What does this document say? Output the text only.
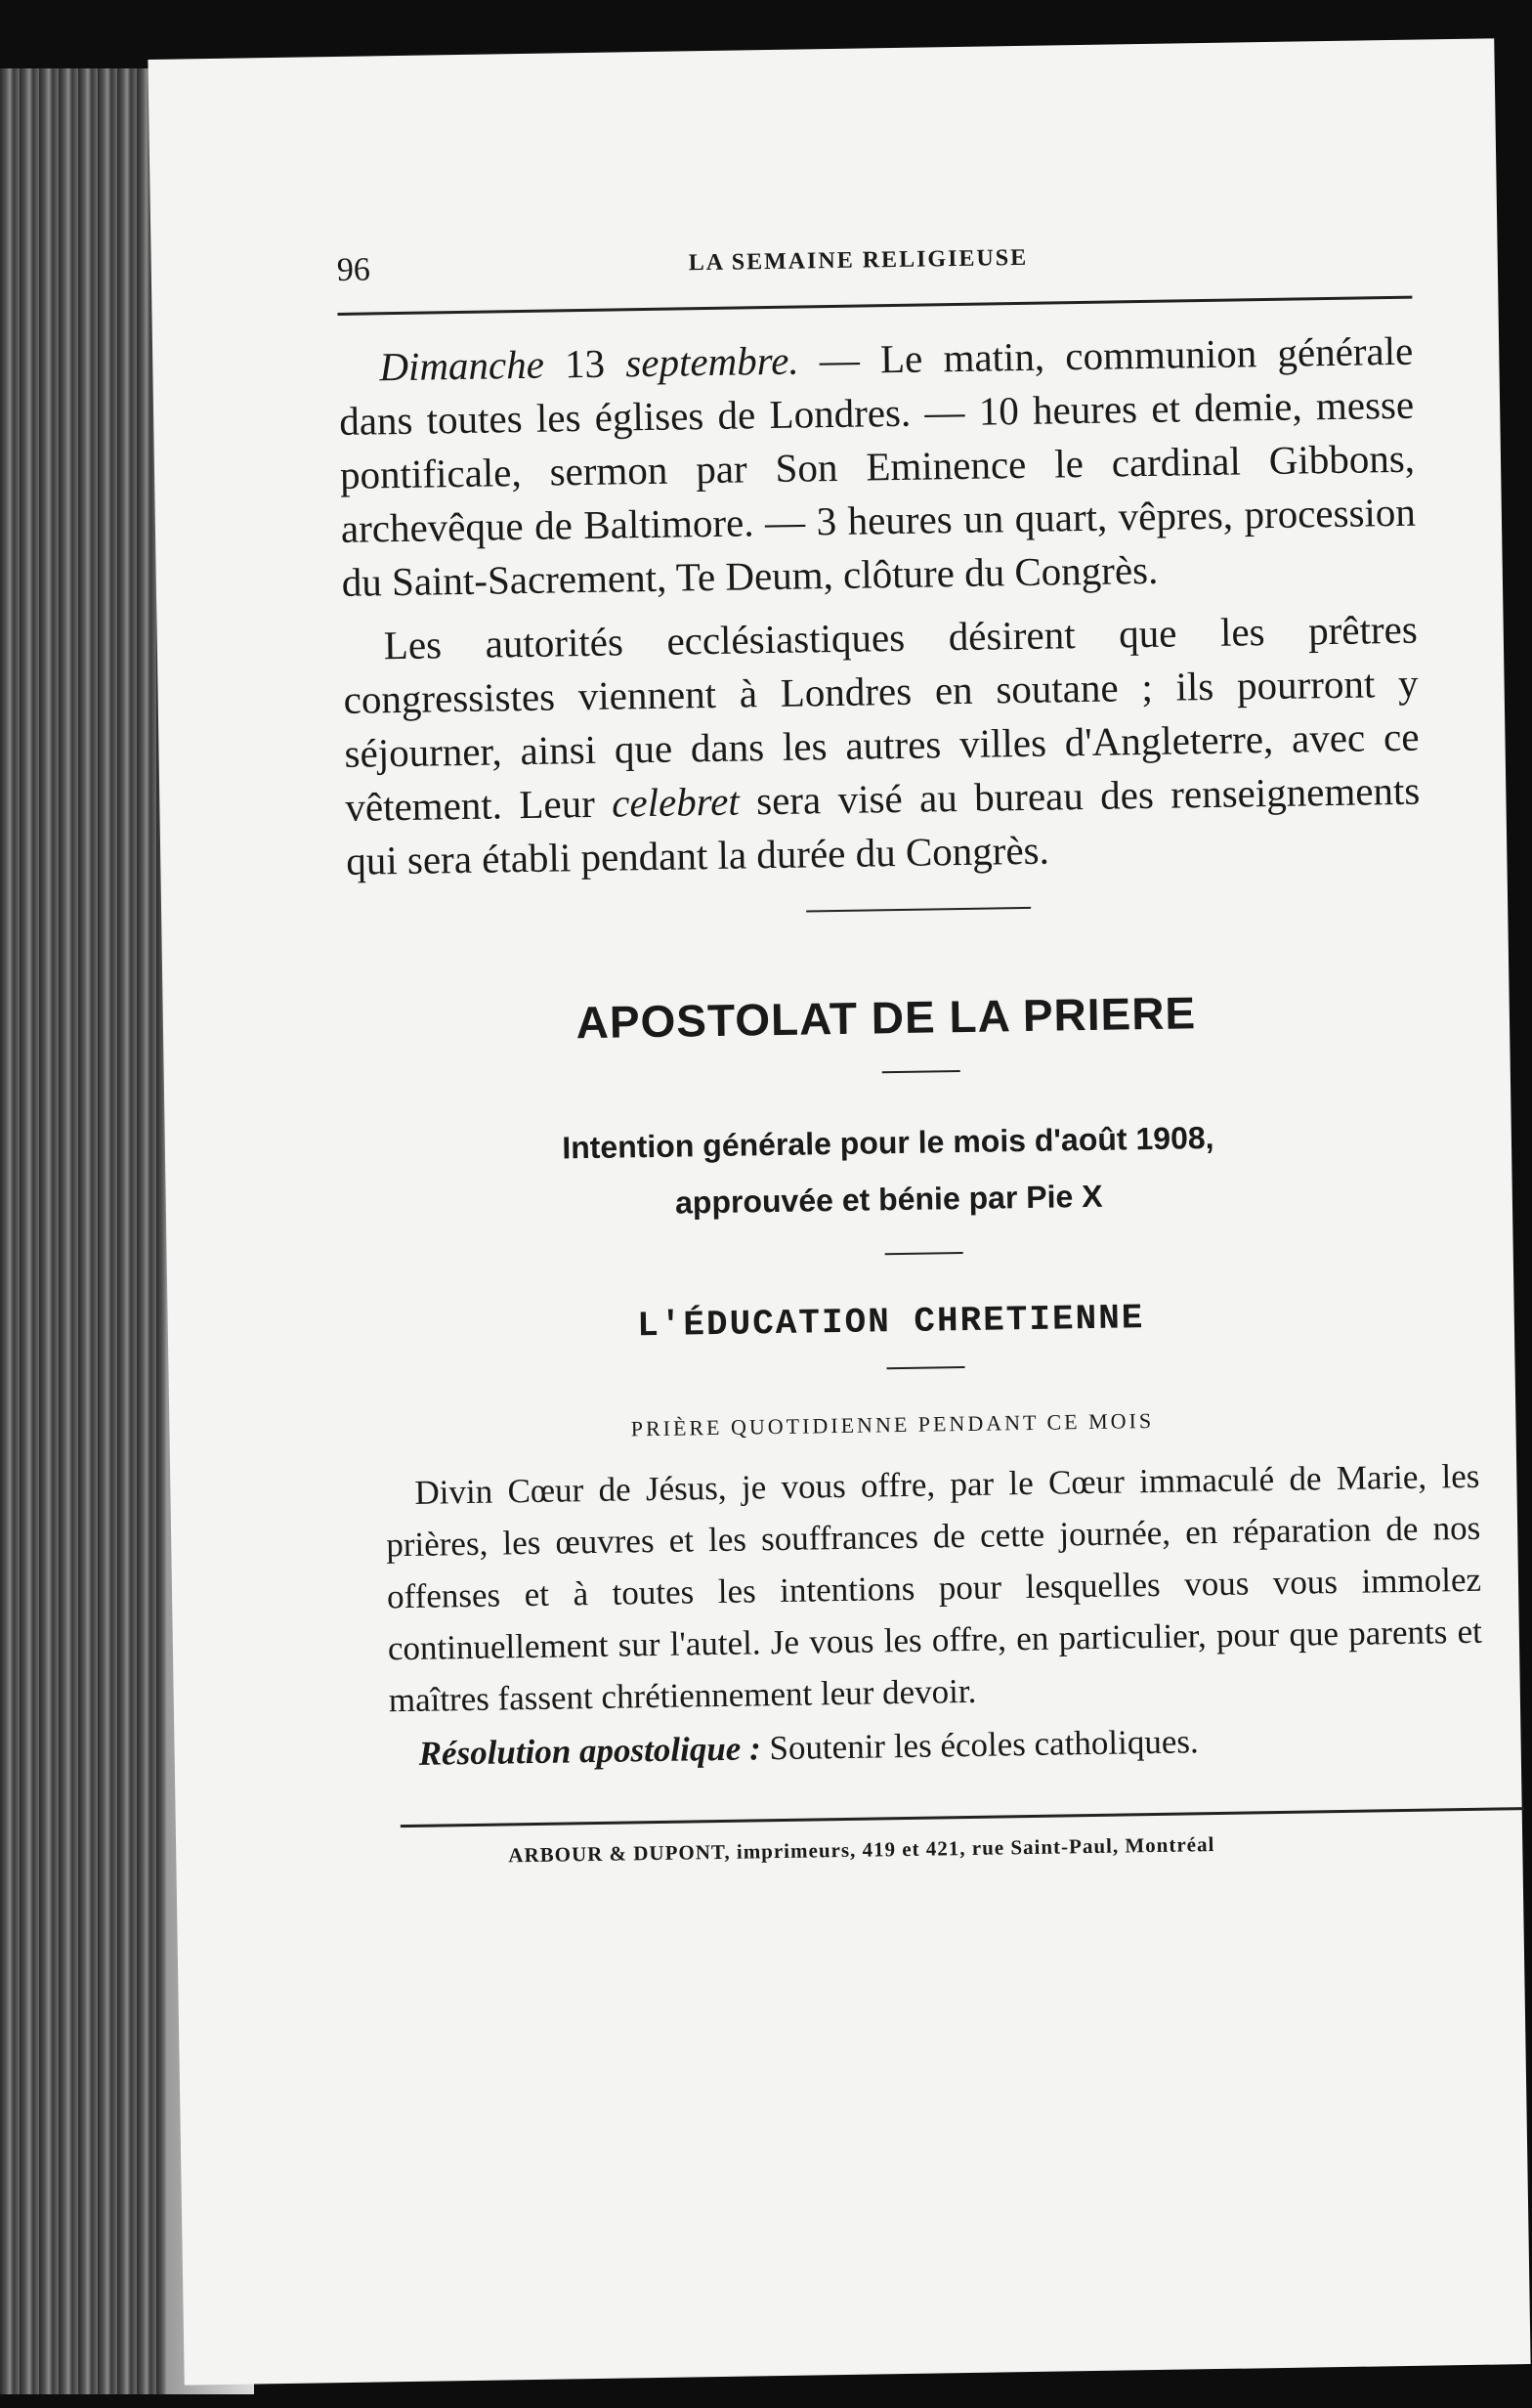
96	LA SEMAINE RELIGIEUSE

Dimanche 13 septembre. — Le matin, communion générale dans toutes les églises de Londres. — 10 heures et demie, messe pontificale, sermon par Son Eminence le cardinal Gibbons, archevêque de Baltimore. — 3 heures un quart, vêpres, procession du Saint-Sacrement, Te Deum, clôture du Congrès.

Les autorités ecclésiastiques désirent que les prêtres congressistes viennent à Londres en soutane ; ils pourront y séjourner, ainsi que dans les autres villes d'Angleterre, avec ce vêtement. Leur celebret sera visé au bureau des renseignements qui sera établi pendant la durée du Congrès.

APOSTOLAT DE LA PRIERE
Intention générale pour le mois d'août 1908,
approuvée et bénie par Pie X
L'ÉDUCATION CHRETIENNE
PRIÈRE QUOTIDIENNE PENDANT CE MOIS

Divin Cœur de Jésus, je vous offre, par le Cœur immaculé de Marie, les prières, les œuvres et les souffrances de cette journée, en réparation de nos offenses et à toutes les intentions pour lesquelles vous vous immolez continuellement sur l'autel. Je vous les offre, en particulier, pour que parents et maîtres fassent chrétiennement leur devoir.

Résolution apostolique : Soutenir les écoles catholiques.

ARBOUR & DUPONT, imprimeurs, 419 et 421, rue Saint-Paul, Montréal
